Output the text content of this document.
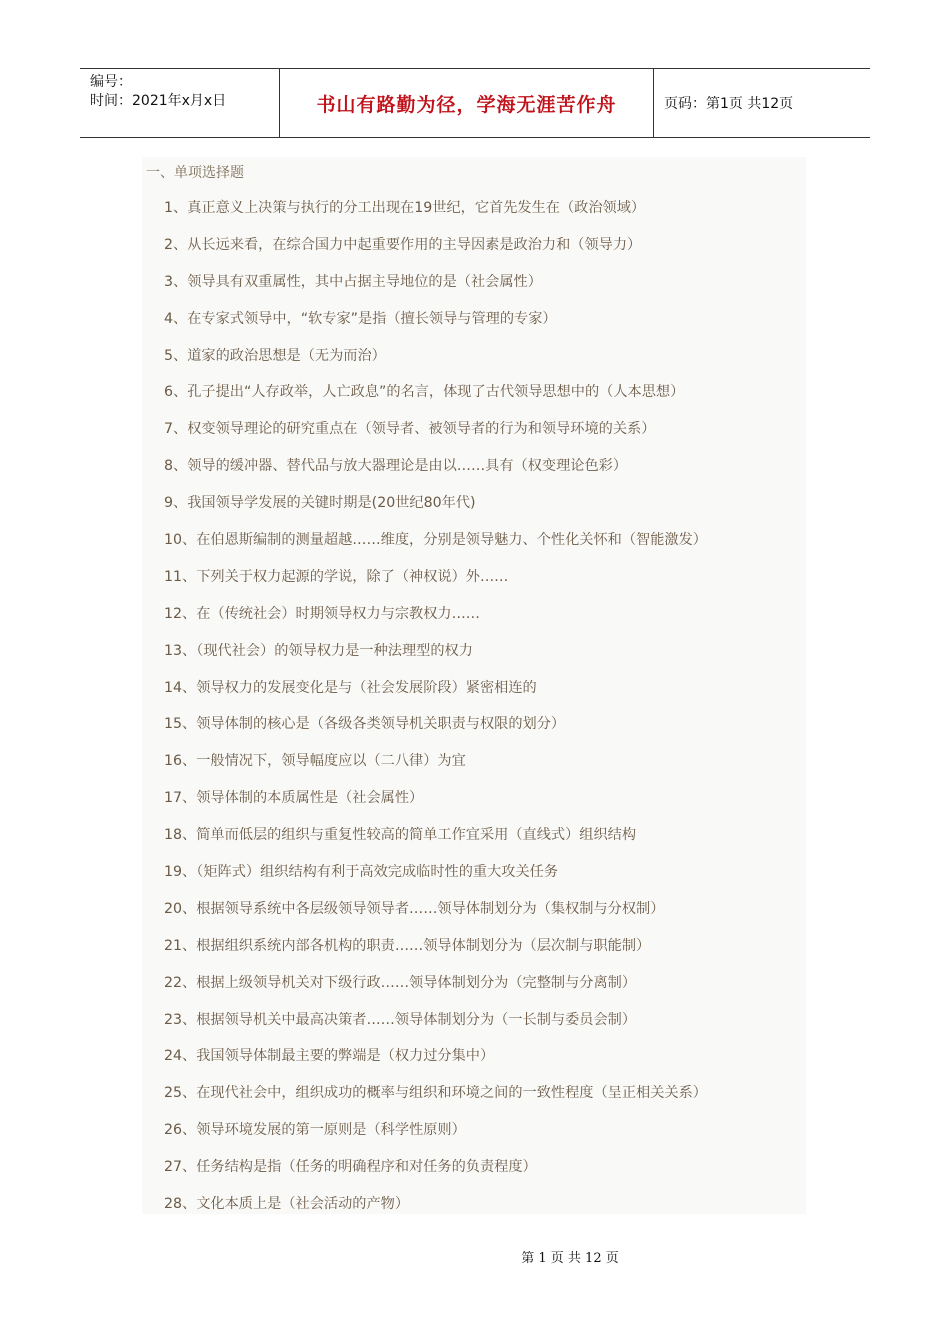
编号：
时间：2021年x月x日	书山有路勤为径，学海无涯苦作舟	页码：第1页 共12页
一、单项选择题
1、真正意义上决策与执行的分工出现在19世纪，它首先发生在（政治领域）
2、从长远来看，在综合国力中起重要作用的主导因素是政治力和（领导力）
3、领导具有双重属性，其中占据主导地位的是（社会属性）
4、在专家式领导中，“软专家”是指（擅长领导与管理的专家）
5、道家的政治思想是（无为而治）
6、孔子提出“人存政举，人亡政息”的名言，体现了古代领导思想中的（人本思想）
7、权变领导理论的研究重点在（领导者、被领导者的行为和领导环境的关系）
8、领导的缓冲器、替代品与放大器理论是由以……具有（权变理论色彩）
9、我国领导学发展的关键时期是(20世纪80年代)
10、在伯恩斯编制的测量超越……维度，分别是领导魅力、个性化关怀和（智能激发）
11、下列关于权力起源的学说，除了（神权说）外……
12、在（传统社会）时期领导权力与宗教权力……
13、（现代社会）的领导权力是一种法理型的权力
14、领导权力的发展变化是与（社会发展阶段）紧密相连的
15、领导体制的核心是（各级各类领导机关职责与权限的划分）
16、一般情况下，领导幅度应以（二八律）为宜
17、领导体制的本质属性是（社会属性）
18、简单而低层的组织与重复性较高的简单工作宜采用（直线式）组织结构
19、（矩阵式）组织结构有利于高效完成临时性的重大攻关任务
20、根据领导系统中各层级领导领导者……领导体制划分为（集权制与分权制）
21、根据组织系统内部各机构的职责……领导体制划分为（层次制与职能制）
22、根据上级领导机关对下级行政……领导体制划分为（完整制与分离制）
23、根据领导机关中最高决策者……领导体制划分为（一长制与委员会制）
24、我国领导体制最主要的弊端是（权力过分集中）
25、在现代社会中，组织成功的概率与组织和环境之间的一致性程度（呈正相关关系）
26、领导环境发展的第一原则是（科学性原则）
27、任务结构是指（任务的明确程序和对任务的负责程度）
28、文化本质上是（社会活动的产物）
第 1 页 共 12 页
